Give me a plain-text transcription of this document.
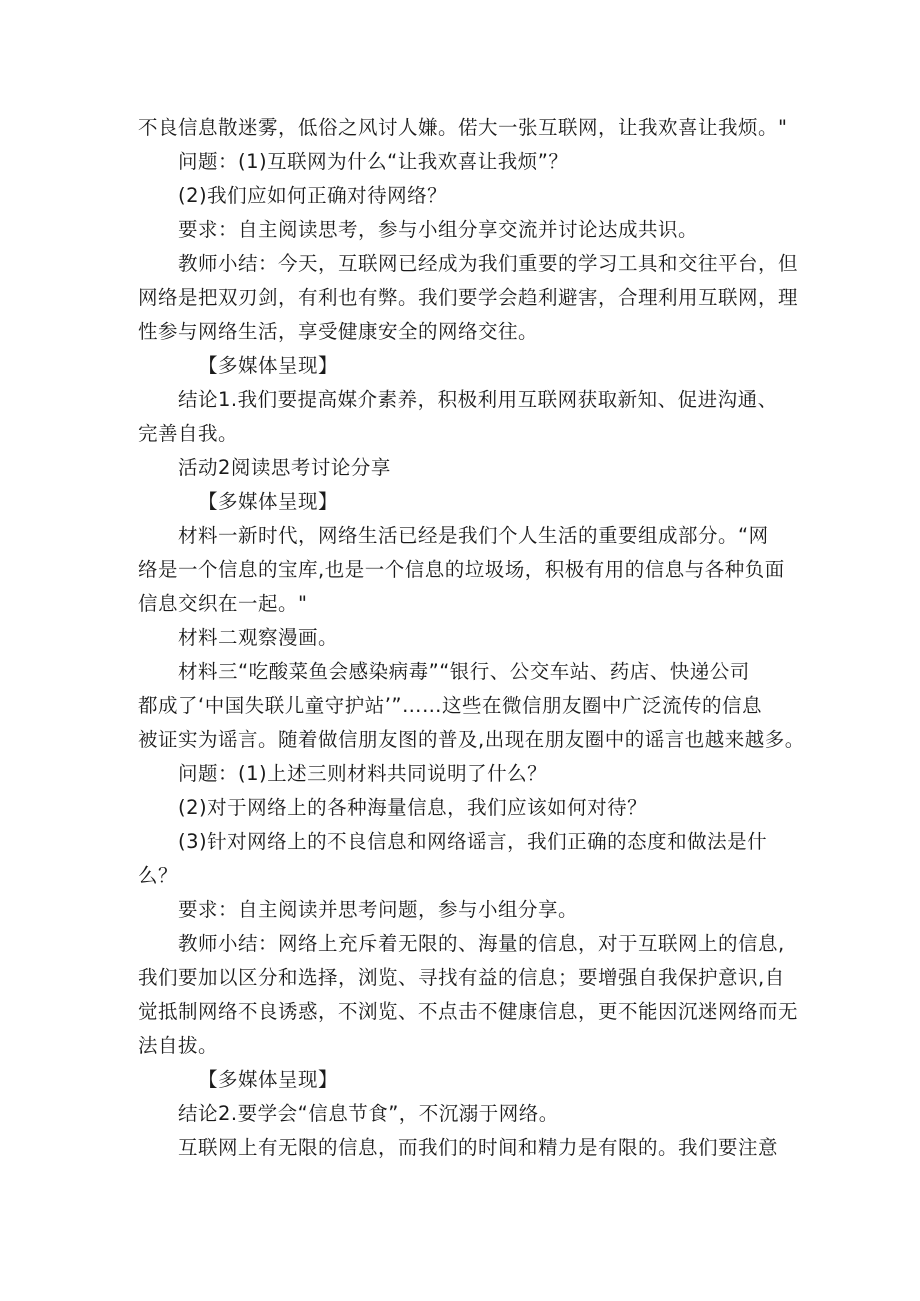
不良信息散迷雾，低俗之风讨人嫌。偌大一张互联网，让我欢喜让我烦。"
问题：(1)互联网为什么“让我欢喜让我烦”？
(2)我们应如何正确对待网络？
要求：自主阅读思考，参与小组分享交流并讨论达成共识。
教师小结：今天，互联网已经成为我们重要的学习工具和交往平台，但
网络是把双刃剑，有利也有弊。我们要学会趋利避害，合理利用互联网，理
性参与网络生活，享受健康安全的网络交往。
【多媒体呈现】
结论1.我们要提高媒介素养，积极利用互联网获取新知、促进沟通、
完善自我。
活动2阅读思考讨论分享
【多媒体呈现】
材料一新时代，网络生活已经是我们个人生活的重要组成部分。“网
络是一个信息的宝库,也是一个信息的垃圾场，积极有用的信息与各种负面
信息交织在一起。"
材料二观察漫画。
材料三“吃酸菜鱼会感染病毒”“银行、公交车站、药店、快递公司
都成了‘中国失联儿童守护站’”……这些在微信朋友圈中广泛流传的信息
被证实为谣言。随着做信朋友图的普及,出现在朋友圈中的谣言也越来越多。
问题：(1)上述三则材料共同说明了什么？
(2)对于网络上的各种海量信息，我们应该如何对待？
(3)针对网络上的不良信息和网络谣言，我们正确的态度和做法是什
么？
要求：自主阅读并思考问题，参与小组分享。
教师小结：网络上充斥着无限的、海量的信息，对于互联网上的信息,
我们要加以区分和选择，浏览、寻找有益的信息；要增强自我保护意识,自
觉抵制网络不良诱惑，不浏览、不点击不健康信息，更不能因沉迷网络而无
法自拔。
【多媒体呈现】
结论2.要学会“信息节食”，不沉溺于网络。
互联网上有无限的信息，而我们的时间和精力是有限的。我们要注意
